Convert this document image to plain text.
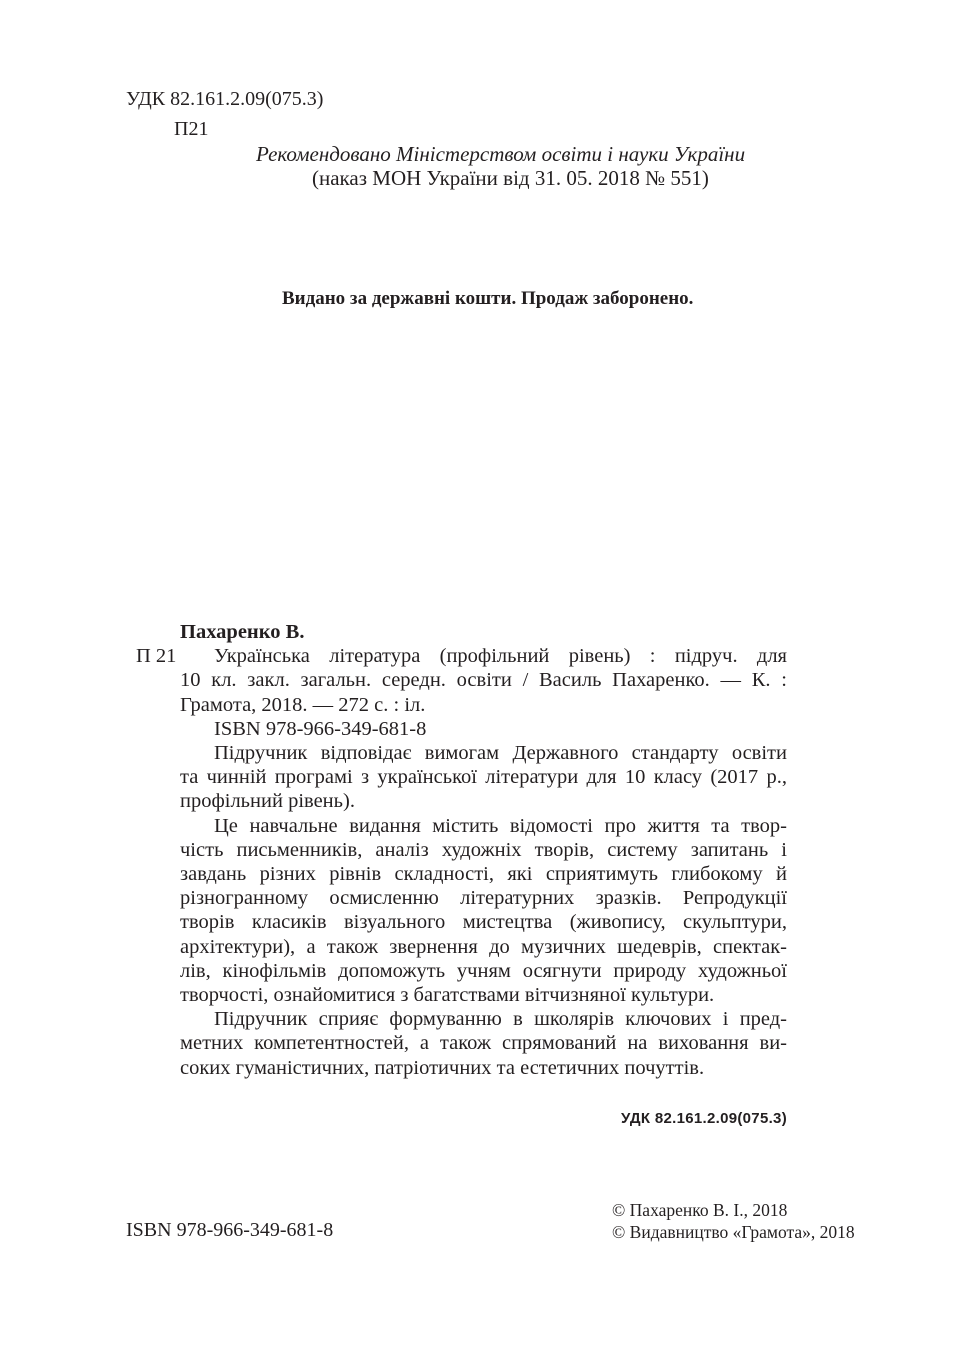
УДК 82.161.2.09(075.3)
П21
Рекомендовано Міністерством освіти і науки України
(наказ МОН України від 31. 05. 2018 № 551)
Видано за державні кошти. Продаж заборонено.
П 21

Пахаренко В.

Українська література (профільний рівень) : підруч. для

10 кл. закл. загальн. середн. освіти / Василь Пахаренко. — К. :

Грамота, 2018. — 272 с. : іл.

ISBN 978-966-349-681-8

Підручник відповідає вимогам Державного стандарту освіти

та чинній програмі з української літератури для 10 класу (2017 р.,

профільний рівень).

Це навчальне видання містить відомості про життя та твор-

чість письменників, аналіз художніх творів, систему запитань і

завдань різних рівнів складності, які сприятимуть глибокому й

різногранному осмисленню літературних зразків. Репродукції

творів класиків візуального мистецтва (живопису, скульптури,

архітектури), а також звернення до музичних шедеврів, спектак-

лів, кінофільмів допоможуть учням осягнути природу художньої

творчості, ознайомитися з багатствами вітчизняної культури.

Підручник сприяє формуванню в школярів ключових і пред-

метних компетентностей, а також спрямований на виховання ви-

соких гуманістичних, патріотичних та естетичних почуттів.

УДК 82.161.2.09(075.3)
ISBN 978-966-349-681-8
© Пахаренко В. І., 2018
© Видавництво «Грамота», 2018
